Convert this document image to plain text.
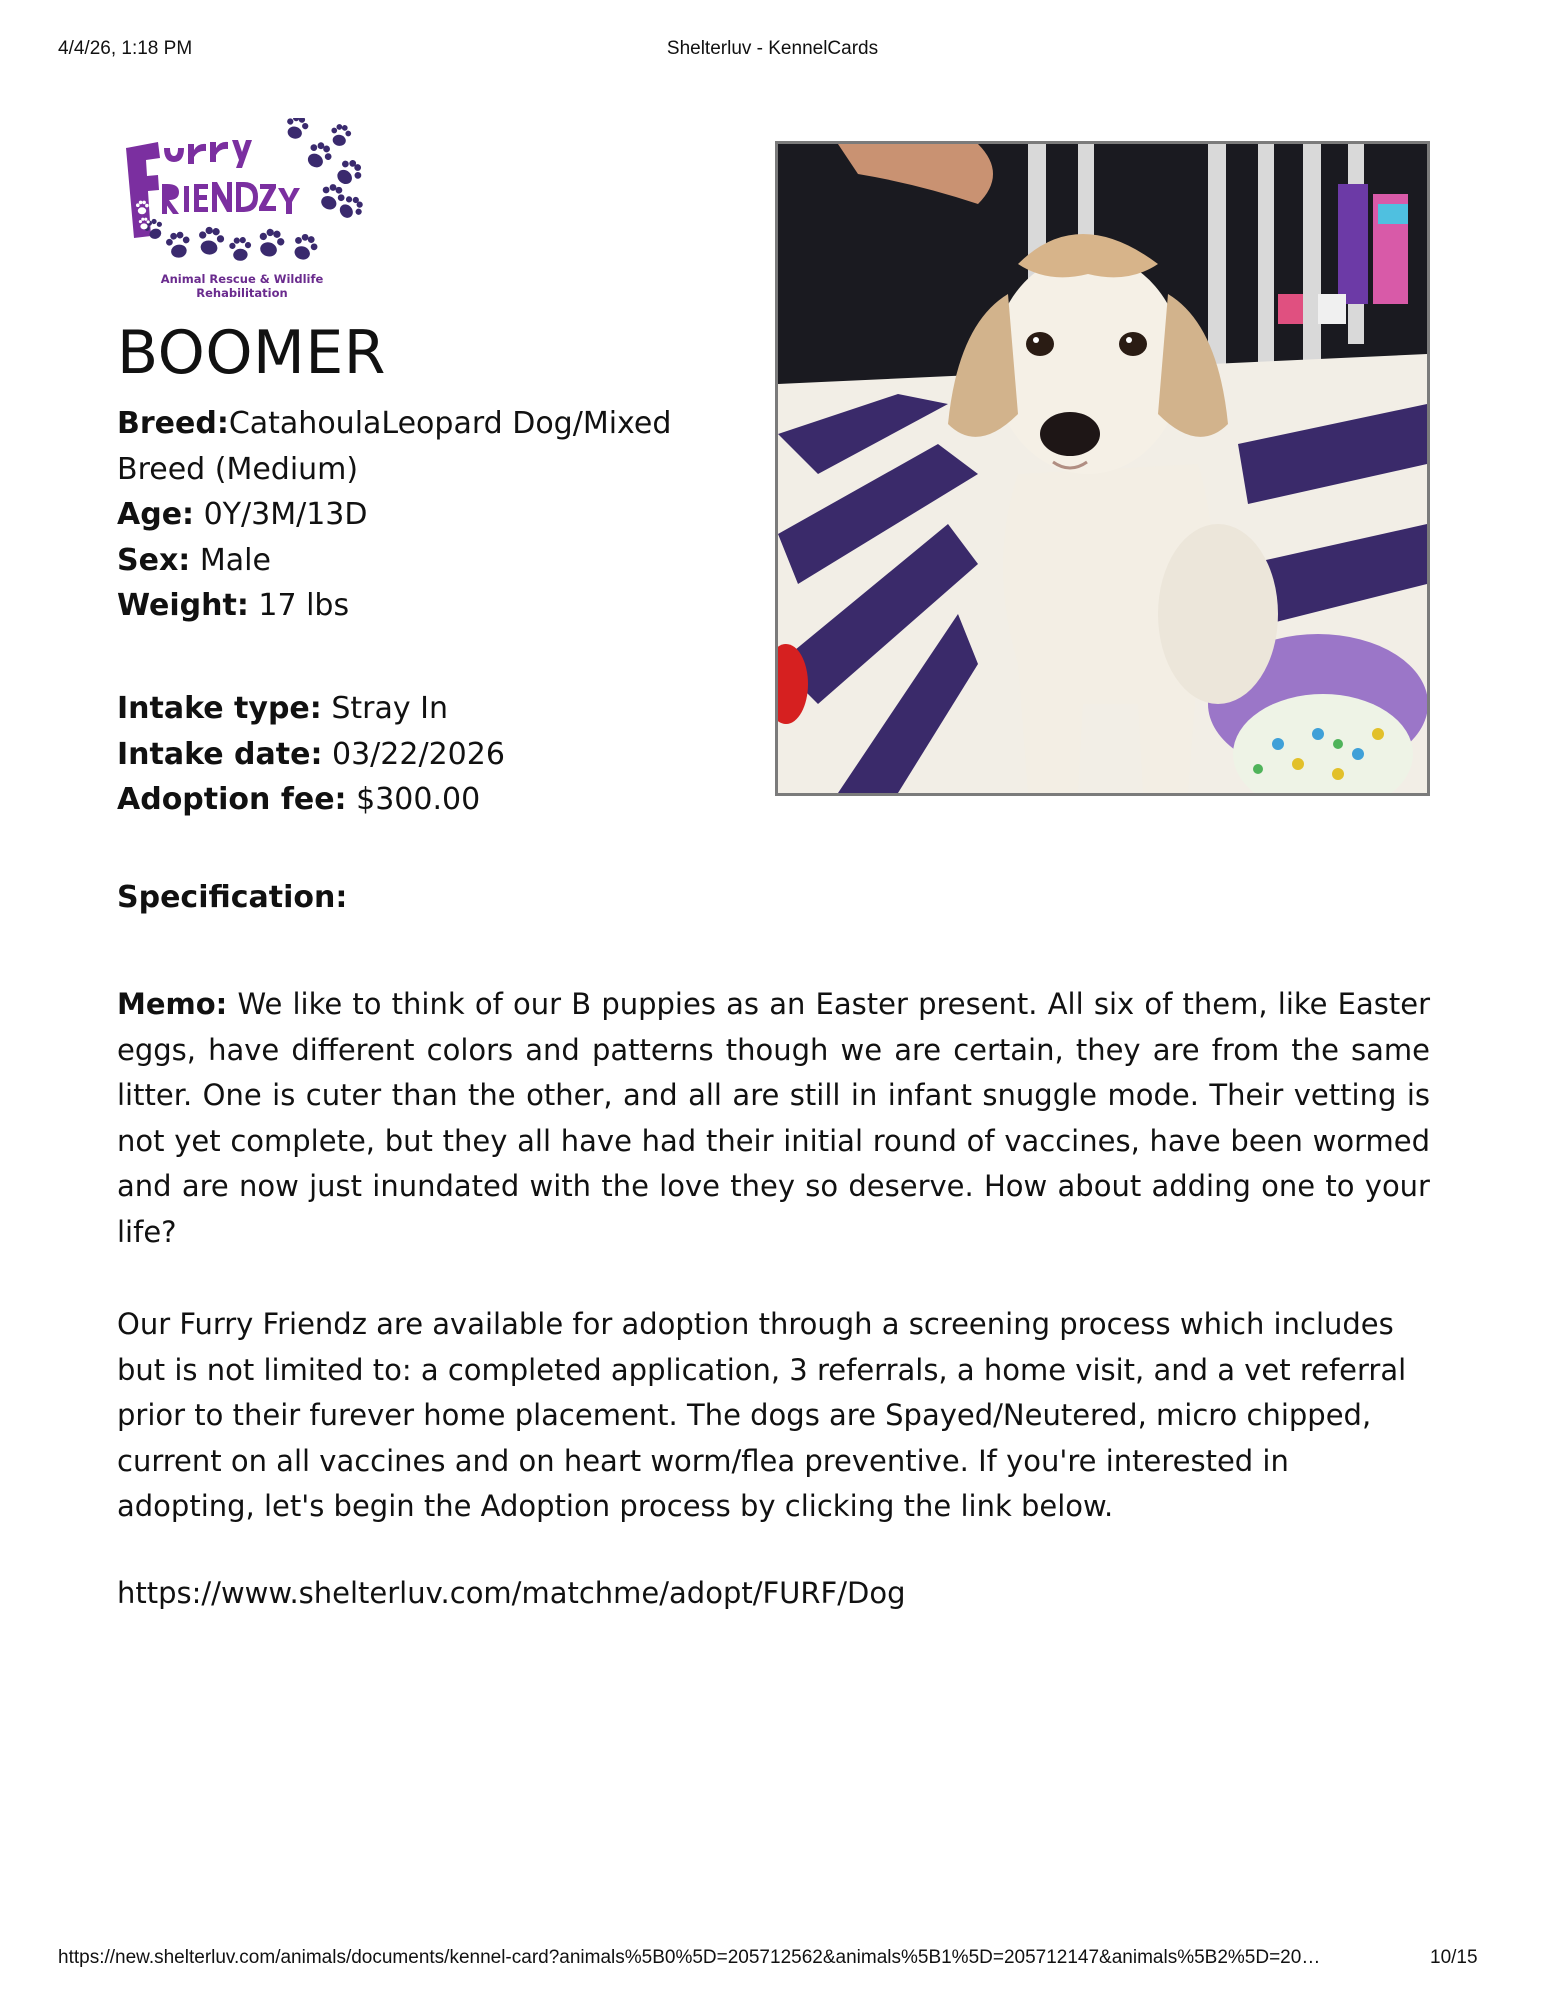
4/4/26, 1:18 PM	Shelterluv - KennelCards
Animal Rescue & Wildlife Rehabilitation
BOOMER
Breed:CatahoulaLeopard Dog/Mixed Breed (Medium)
Age: 0Y/3M/13D
Sex: Male
Weight: 17 lbs
Intake type: Stray In
Intake date: 03/22/2026
Adoption fee: $300.00
Specification:
Memo: We like to think of our B puppies as an Easter present. All six of them, like Easter eggs, have different colors and patterns though we are certain, they are from the same litter. One is cuter than the other, and all are still in infant snuggle mode. Their vetting is not yet complete, but they all have had their initial round of vaccines, have been wormed and are now just inundated with the love they so deserve. How about adding one to your life?
Our Furry Friendz are available for adoption through a screening process which includes but is not limited to: a completed application, 3 referrals, a home visit, and a vet referral prior to their furever home placement. The dogs are Spayed/Neutered, micro chipped, current on all vaccines and on heart worm/flea preventive. If you're interested in adopting, let's begin the Adoption process by clicking the link below.
https://www.shelterluv.com/matchme/adopt/FURF/Dog
https://new.shelterluv.com/animals/documents/kennel-card?animals%5B0%5D=205712562&animals%5B1%5D=205712147&animals%5B2%5D=20…	10/15
